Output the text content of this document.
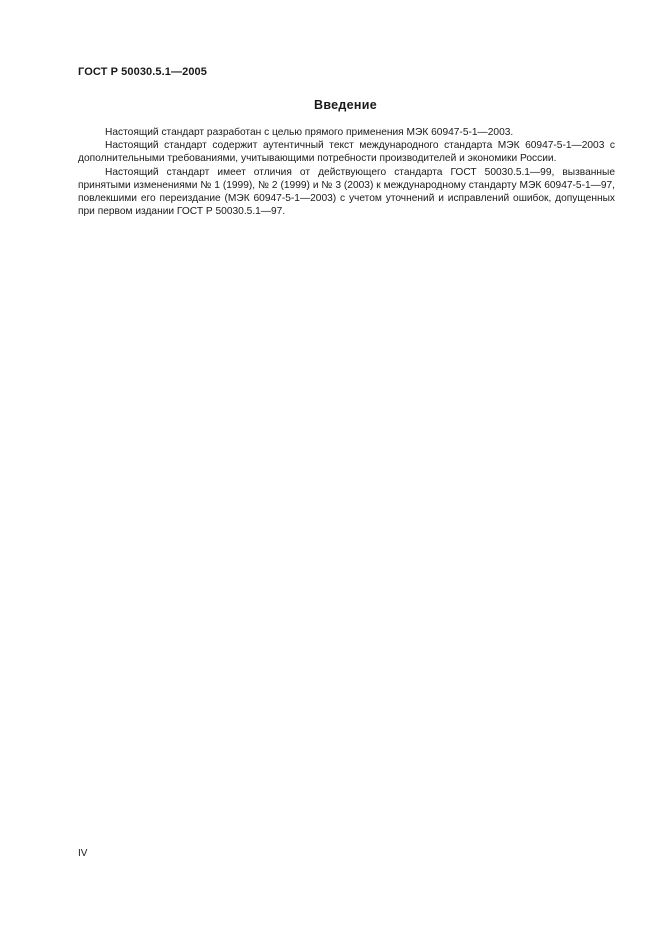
ГОСТ Р 50030.5.1—2005
Введение

Настоящий стандарт разработан с целью прямого применения МЭК 60947-5-1—2003.

Настоящий стандарт содержит аутентичный текст международного стандарта МЭК 60947-5-1—2003 с дополнительными требованиями, учитывающими потребности производителей и экономики России.

Настоящий стандарт имеет отличия от действующего стандарта ГОСТ 50030.5.1—99, вызванные принятыми изменениями № 1 (1999), № 2 (1999) и № 3 (2003) к международному стандарту МЭК 60947-5-1—97, повлекшими его переиздание (МЭК 60947-5-1—2003) с учетом уточнений и исправлений ошибок, допущенных при первом издании ГОСТ Р 50030.5.1—97.

IV
